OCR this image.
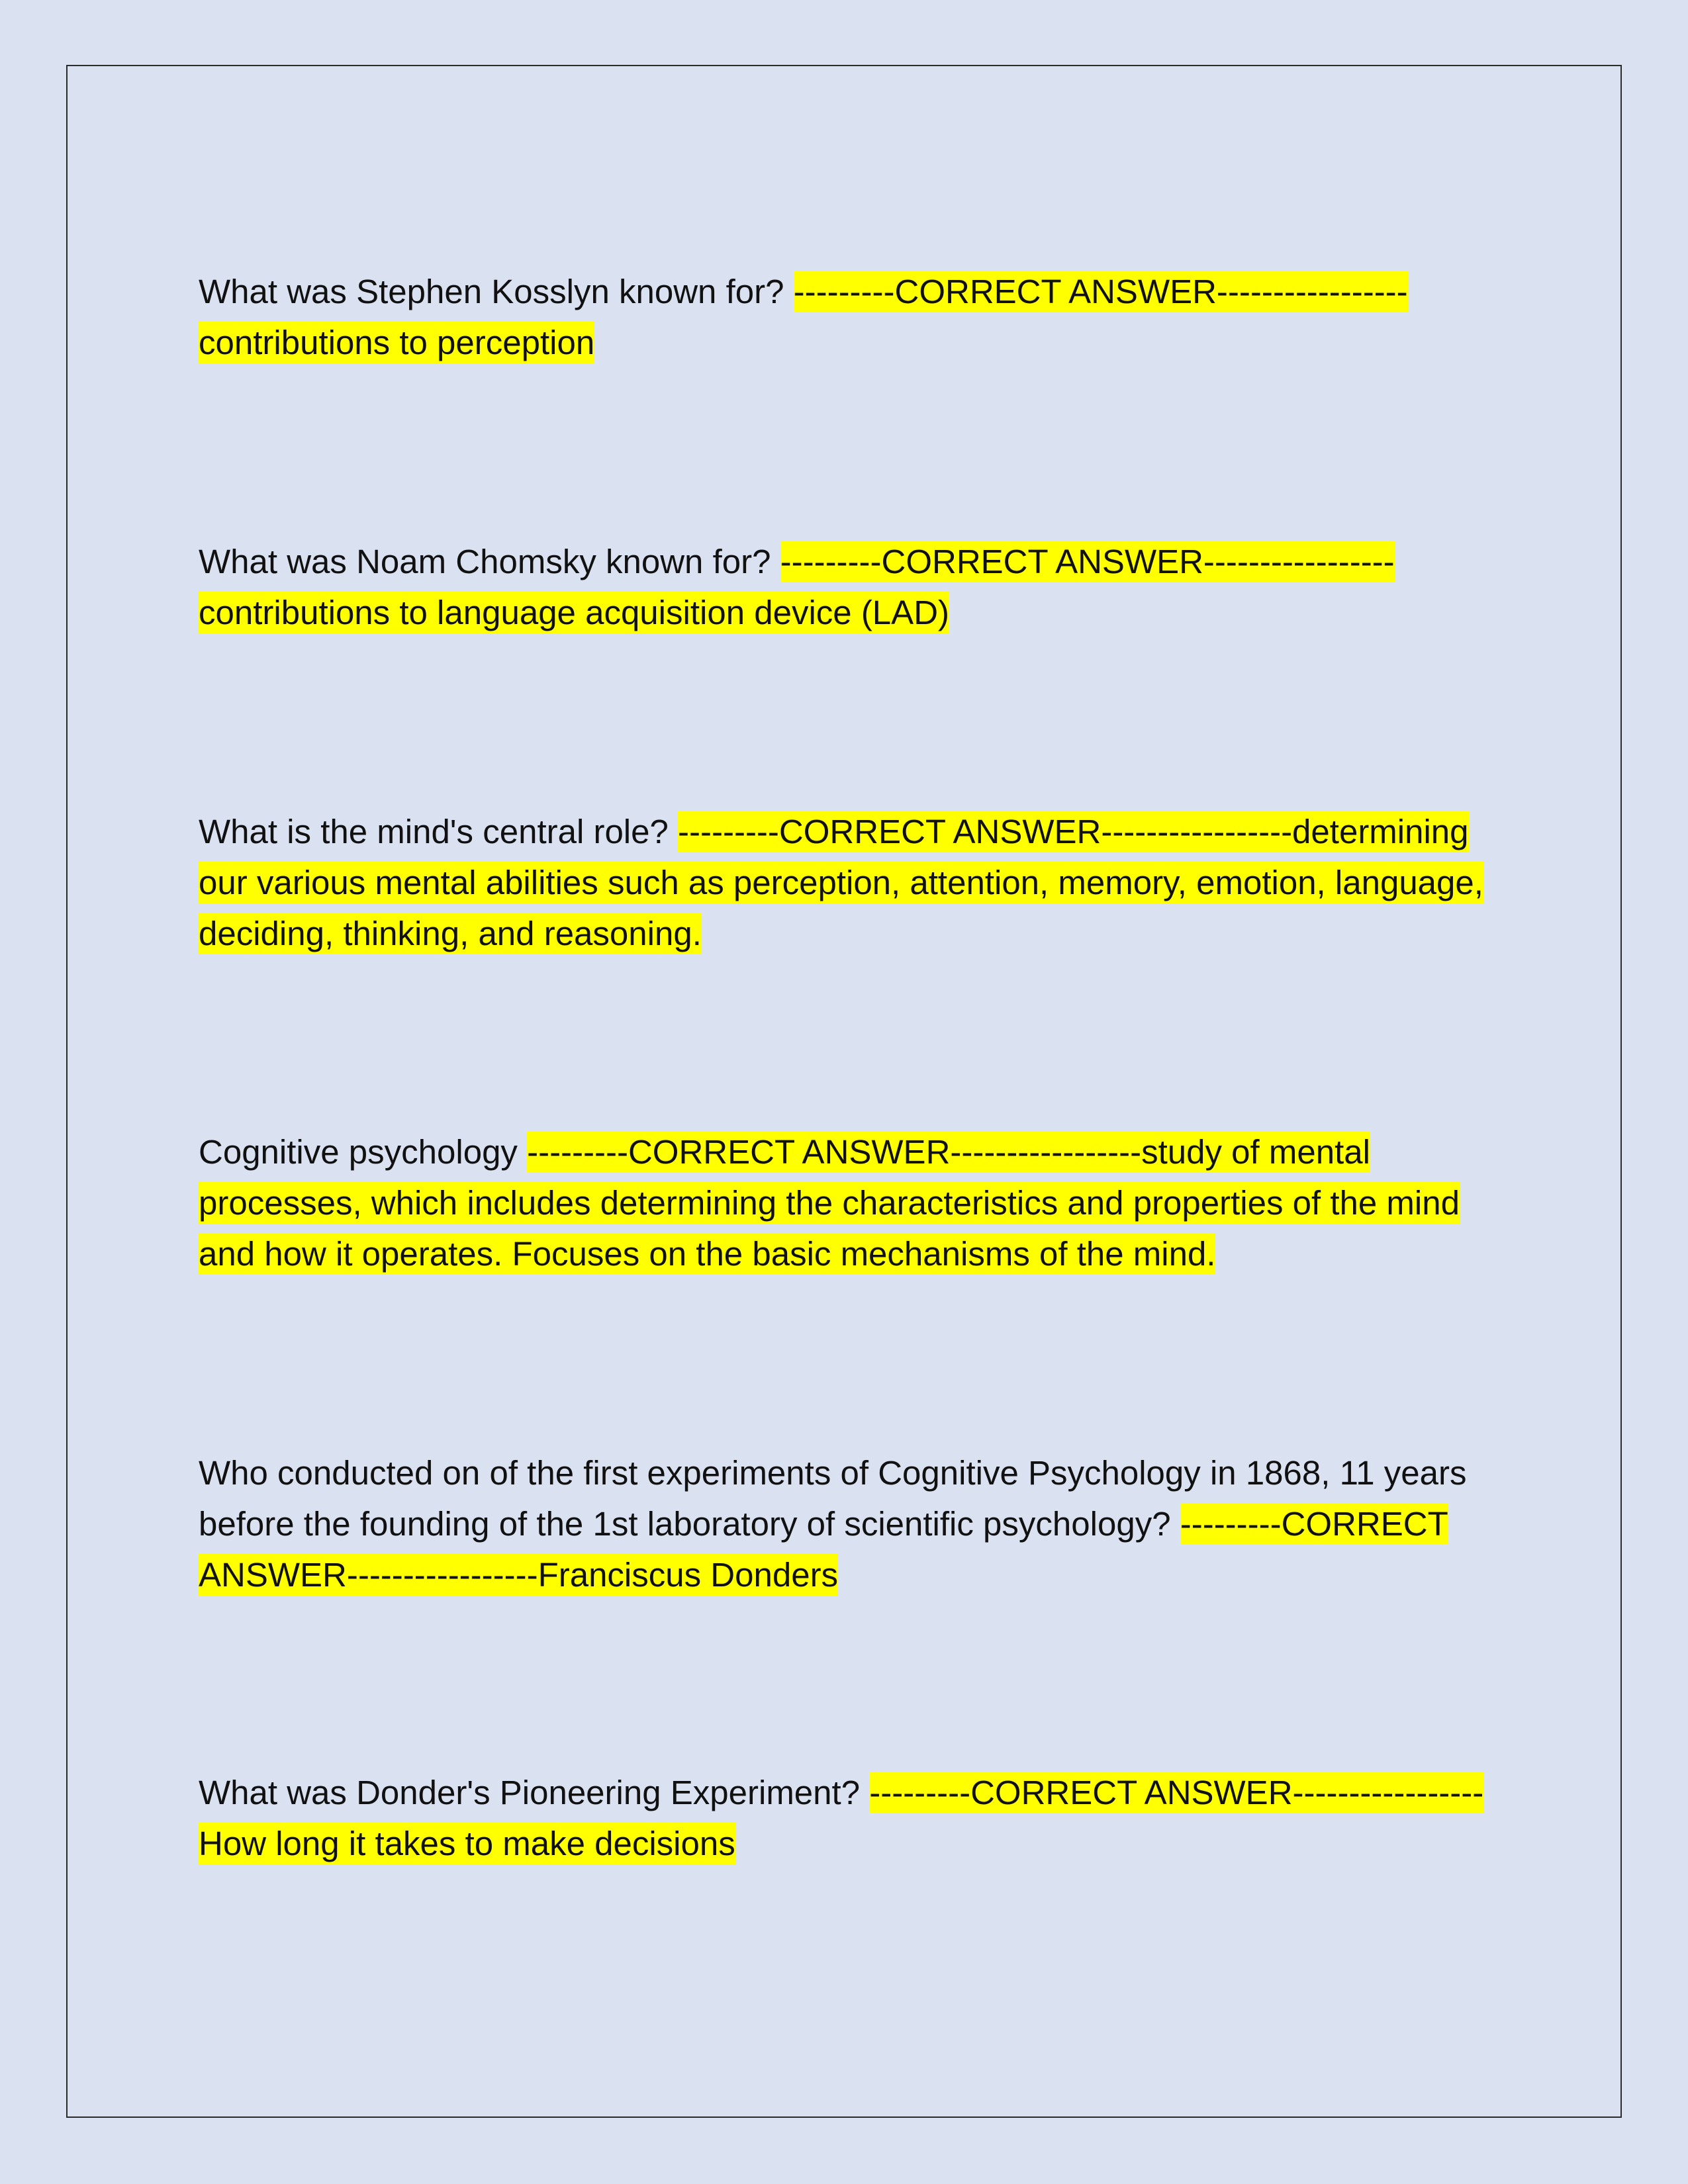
What was Stephen Kosslyn known for? ---------CORRECT ANSWER-----------------contributions to perception

What was Noam Chomsky known for? ---------CORRECT ANSWER-----------------contributions to language acquisition device (LAD)

What is the mind's central role? ---------CORRECT ANSWER-----------------determining our various mental abilities such as perception, attention, memory, emotion, language, deciding, thinking, and reasoning.

Cognitive psychology ---------CORRECT ANSWER-----------------study of mental processes, which includes determining the characteristics and properties of the mind and how it operates. Focuses on the basic mechanisms of the mind.

Who conducted on of the first experiments of Cognitive Psychology in 1868, 11 years before the founding of the 1st laboratory of scientific psychology? ---------CORRECT ANSWER-----------------Franciscus Donders

What was Donder's Pioneering Experiment? ---------CORRECT ANSWER-----------------How long it takes to make decisions
